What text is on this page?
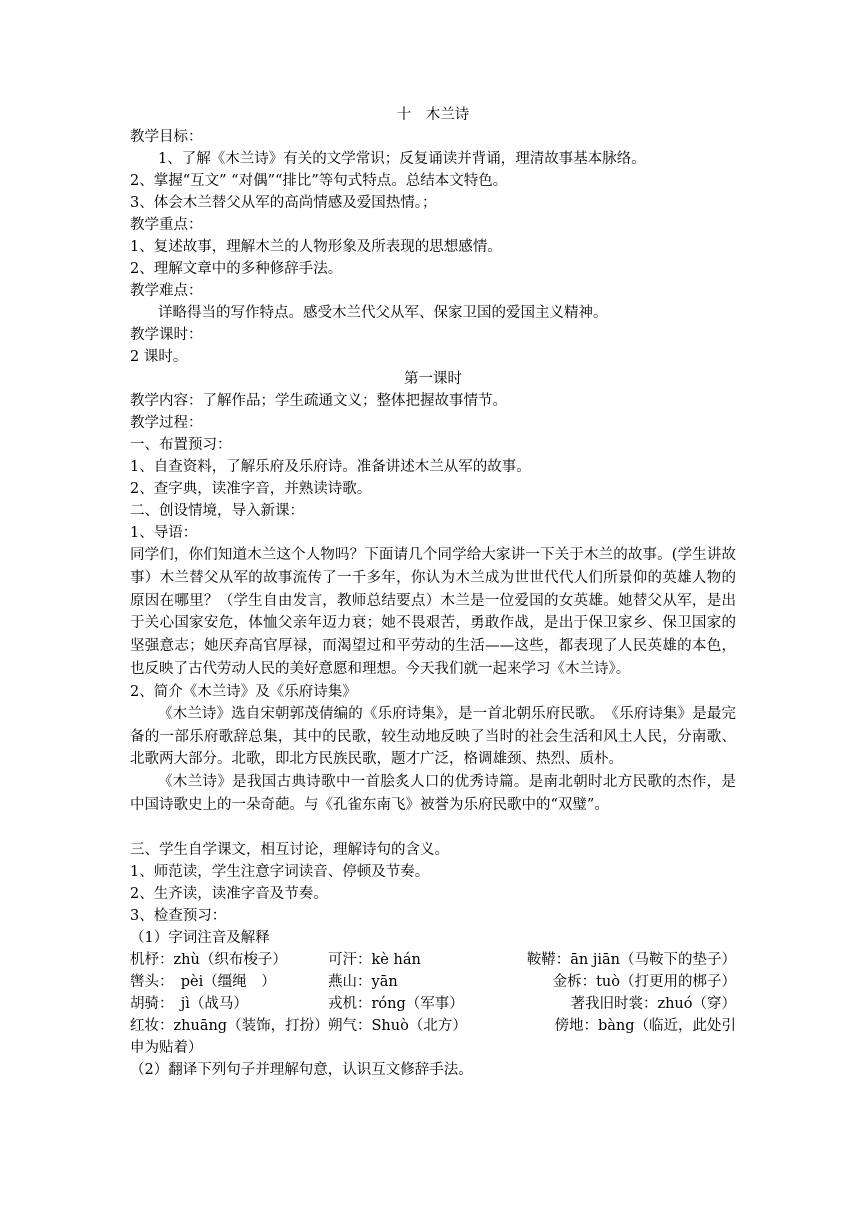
十　木兰诗
教学目标：
1、了解《木兰诗》有关的文学常识；反复诵读并背诵，理清故事基本脉络。
2、掌握“互文” “对偶”“排比”等句式特点。总结本文特色。
3、体会木兰替父从军的高尚情感及爱国热情。；
教学重点：
1、复述故事，理解木兰的人物形象及所表现的思想感情。
2、理解文章中的多种修辞手法。
教学难点：
详略得当的写作特点。感受木兰代父从军、保家卫国的爱国主义精神。
教学课时：
2 课时。
第一课时
教学内容：了解作品；学生疏通文义；整体把握故事情节。
教学过程：
一、布置预习：
1、自查资料，了解乐府及乐府诗。准备讲述木兰从军的故事。
2、查字典，读准字音，并熟读诗歌。
二、创设情境，导入新课：
1、导语：

同学们，你们知道木兰这个人物吗？下面请几个同学给大家讲一下关于木兰的故事。(学生讲故事）木兰替父从军的故事流传了一千多年，你认为木兰成为世世代代人们所景仰的英雄人物的原因在哪里？（学生自由发言，教师总结要点）木兰是一位爱国的女英雄。她替父从军，是出于关心国家安危，体恤父亲年迈力衰；她不畏艰苦，勇敢作战，是出于保卫家乡、保卫国家的坚强意志；她厌弃高官厚禄，而渴望过和平劳动的生活——这些，都表现了人民英雄的本色，也反映了古代劳动人民的美好意愿和理想。今天我们就一起来学习《木兰诗》。

2、简介《木兰诗》及《乐府诗集》

《木兰诗》选自宋朝郭茂倩编的《乐府诗集》，是一首北朝乐府民歌。　《乐府诗集》是最完备的一部乐府歌辞总集，其中的民歌，较生动地反映了当时的社会生活和风土人民，分南歌、北歌两大部分。北歌，即北方民族民歌，题才广泛，格调雄颈、热烈、质朴。

《木兰诗》是我国古典诗歌中一首脍炙人口的优秀诗篇。是南北朝时北方民歌的杰作，是中国诗歌史上的一朵奇葩。与《孔雀东南飞》被誉为乐府民歌中的“双璧”。

三、学生自学课文，相互讨论，理解诗句的含义。
1、师范读，学生注意字词读音、停顿及节奏。
2、生齐读，读准字音及节奏。
3、检查预习：
（1）字词注音及解释
机杼：zhù（织布梭子）	可汗：kè hán	鞍鞯：ān jiān（马鞍下的垫子）
辔头：　pèi（缰绳　）	燕山：yān	金柝：tuò（打更用的梆子）
胡骑：　jì（战马）	戎机：róng（军事）	著我旧时裳：zhuó（穿）
红妆：zhuāng（装饰，打扮） 朔气：Shuò（北方）	傍地：bàng（临近，此处引
申为贴着）
（2）翻译下列句子并理解句意，认识互文修辞手法。
